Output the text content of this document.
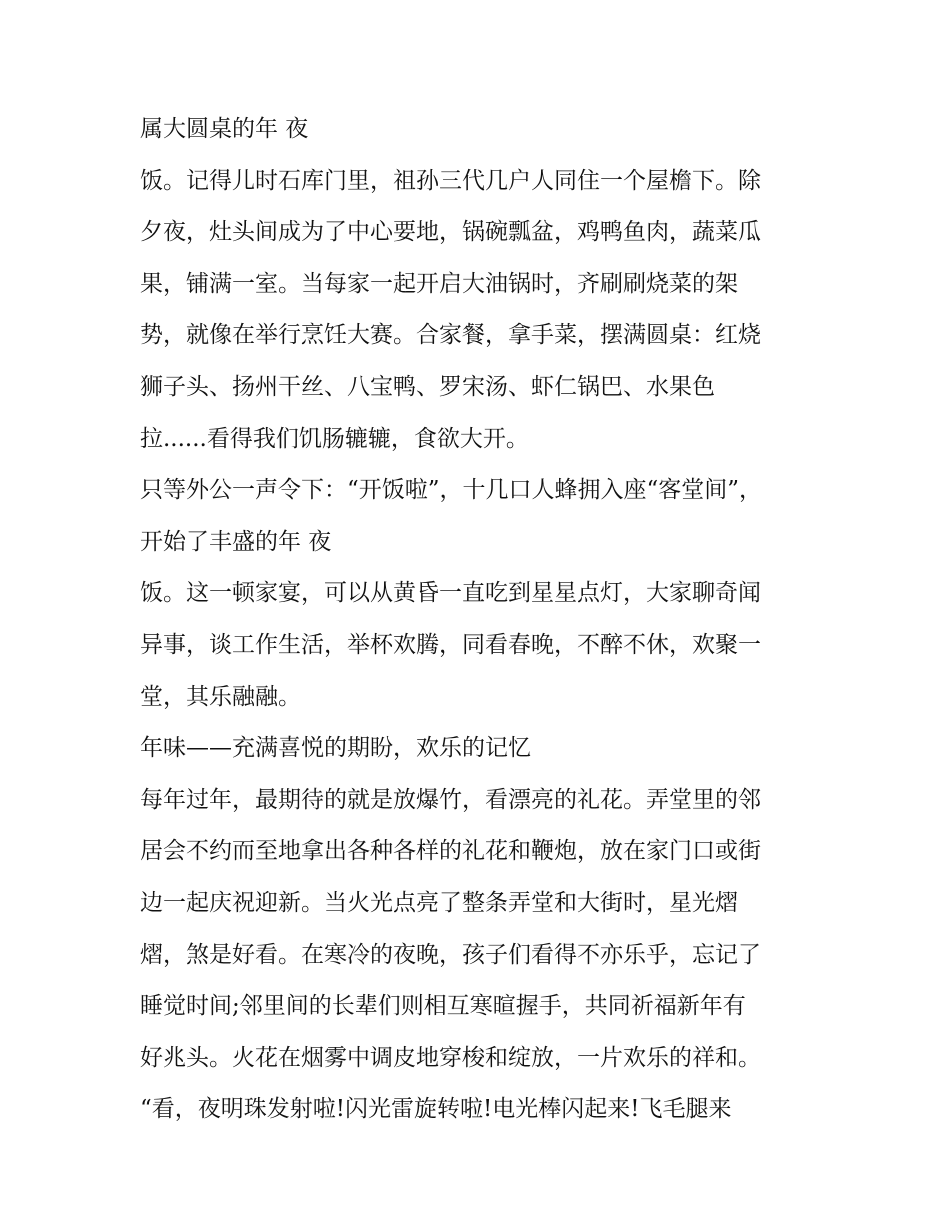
属大圆桌的年 夜
饭。记得儿时石库门里，祖孙三代几户人同住一个屋檐下。除
夕夜，灶头间成为了中心要地，锅碗瓢盆，鸡鸭鱼肉，蔬菜瓜
果，铺满一室。当每家一起开启大油锅时，齐刷刷烧菜的架
势，就像在举行烹饪大赛。合家餐，拿手菜，摆满圆桌：红烧
狮子头、扬州干丝、八宝鸭、罗宋汤、虾仁锅巴、水果色
拉......看得我们饥肠辘辘，食欲大开。
只等外公一声令下：“开饭啦”，十几口人蜂拥入座“客堂间”，
开始了丰盛的年 夜
饭。这一顿家宴，可以从黄昏一直吃到星星点灯，大家聊奇闻
异事，谈工作生活，举杯欢腾，同看春晚，不醉不休，欢聚一
堂，其乐融融。
年味——充满喜悦的期盼，欢乐的记忆
每年过年，最期待的就是放爆竹，看漂亮的礼花。弄堂里的邻
居会不约而至地拿出各种各样的礼花和鞭炮，放在家门口或街
边一起庆祝迎新。当火光点亮了整条弄堂和大街时，星光熠
熠，煞是好看。在寒冷的夜晚，孩子们看得不亦乐乎，忘记了
睡觉时间;邻里间的长辈们则相互寒暄握手，共同祈福新年有
好兆头。火花在烟雾中调皮地穿梭和绽放，一片欢乐的祥和。
“看，夜明珠发射啦!闪光雷旋转啦!电光棒闪起来!飞毛腿来
